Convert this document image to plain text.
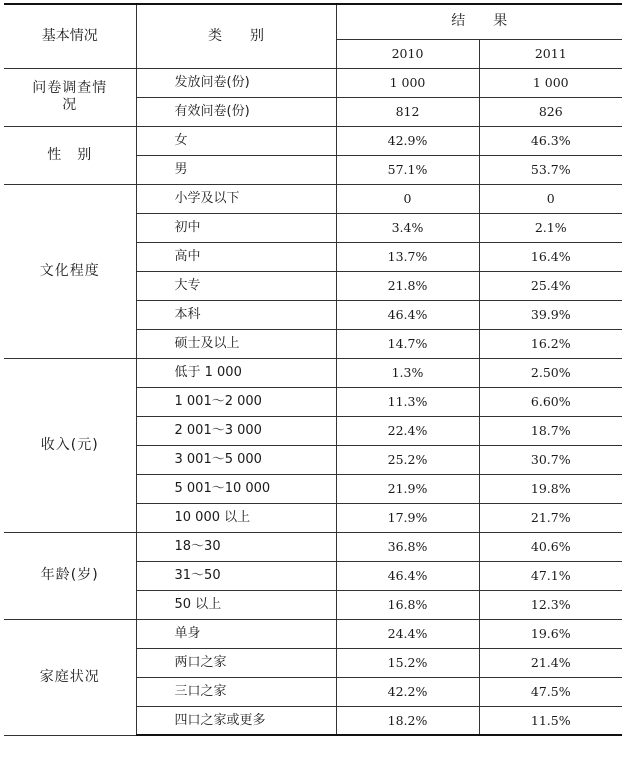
基本情况	类　　别	结　　果	
		2010	2011
问卷调查情况	发放问卷(份)	1 000	1 000
	有效问卷(份)	812	826
性　别	女	42.9%	46.3%
	男	57.1%	53.7%
文化程度	小学及以下	0	0
	初中	3.4%	2.1%
	高中	13.7%	16.4%
	大专	21.8%	25.4%
	本科	46.4%	39.9%
	硕士及以上	14.7%	16.2%
收入(元)	低于 1 000	1.3%	2.50%
	1 001～2 000	11.3%	6.60%
	2 001～3 000	22.4%	18.7%
	3 001～5 000	25.2%	30.7%
	5 001～10 000	21.9%	19.8%
	10 000 以上	17.9%	21.7%
年龄(岁)	18～30	36.8%	40.6%
	31～50	46.4%	47.1%
	50 以上	16.8%	12.3%
家庭状况	单身	24.4%	19.6%
	两口之家	15.2%	21.4%
	三口之家	42.2%	47.5%
	四口之家或更多	18.2%	11.5%
